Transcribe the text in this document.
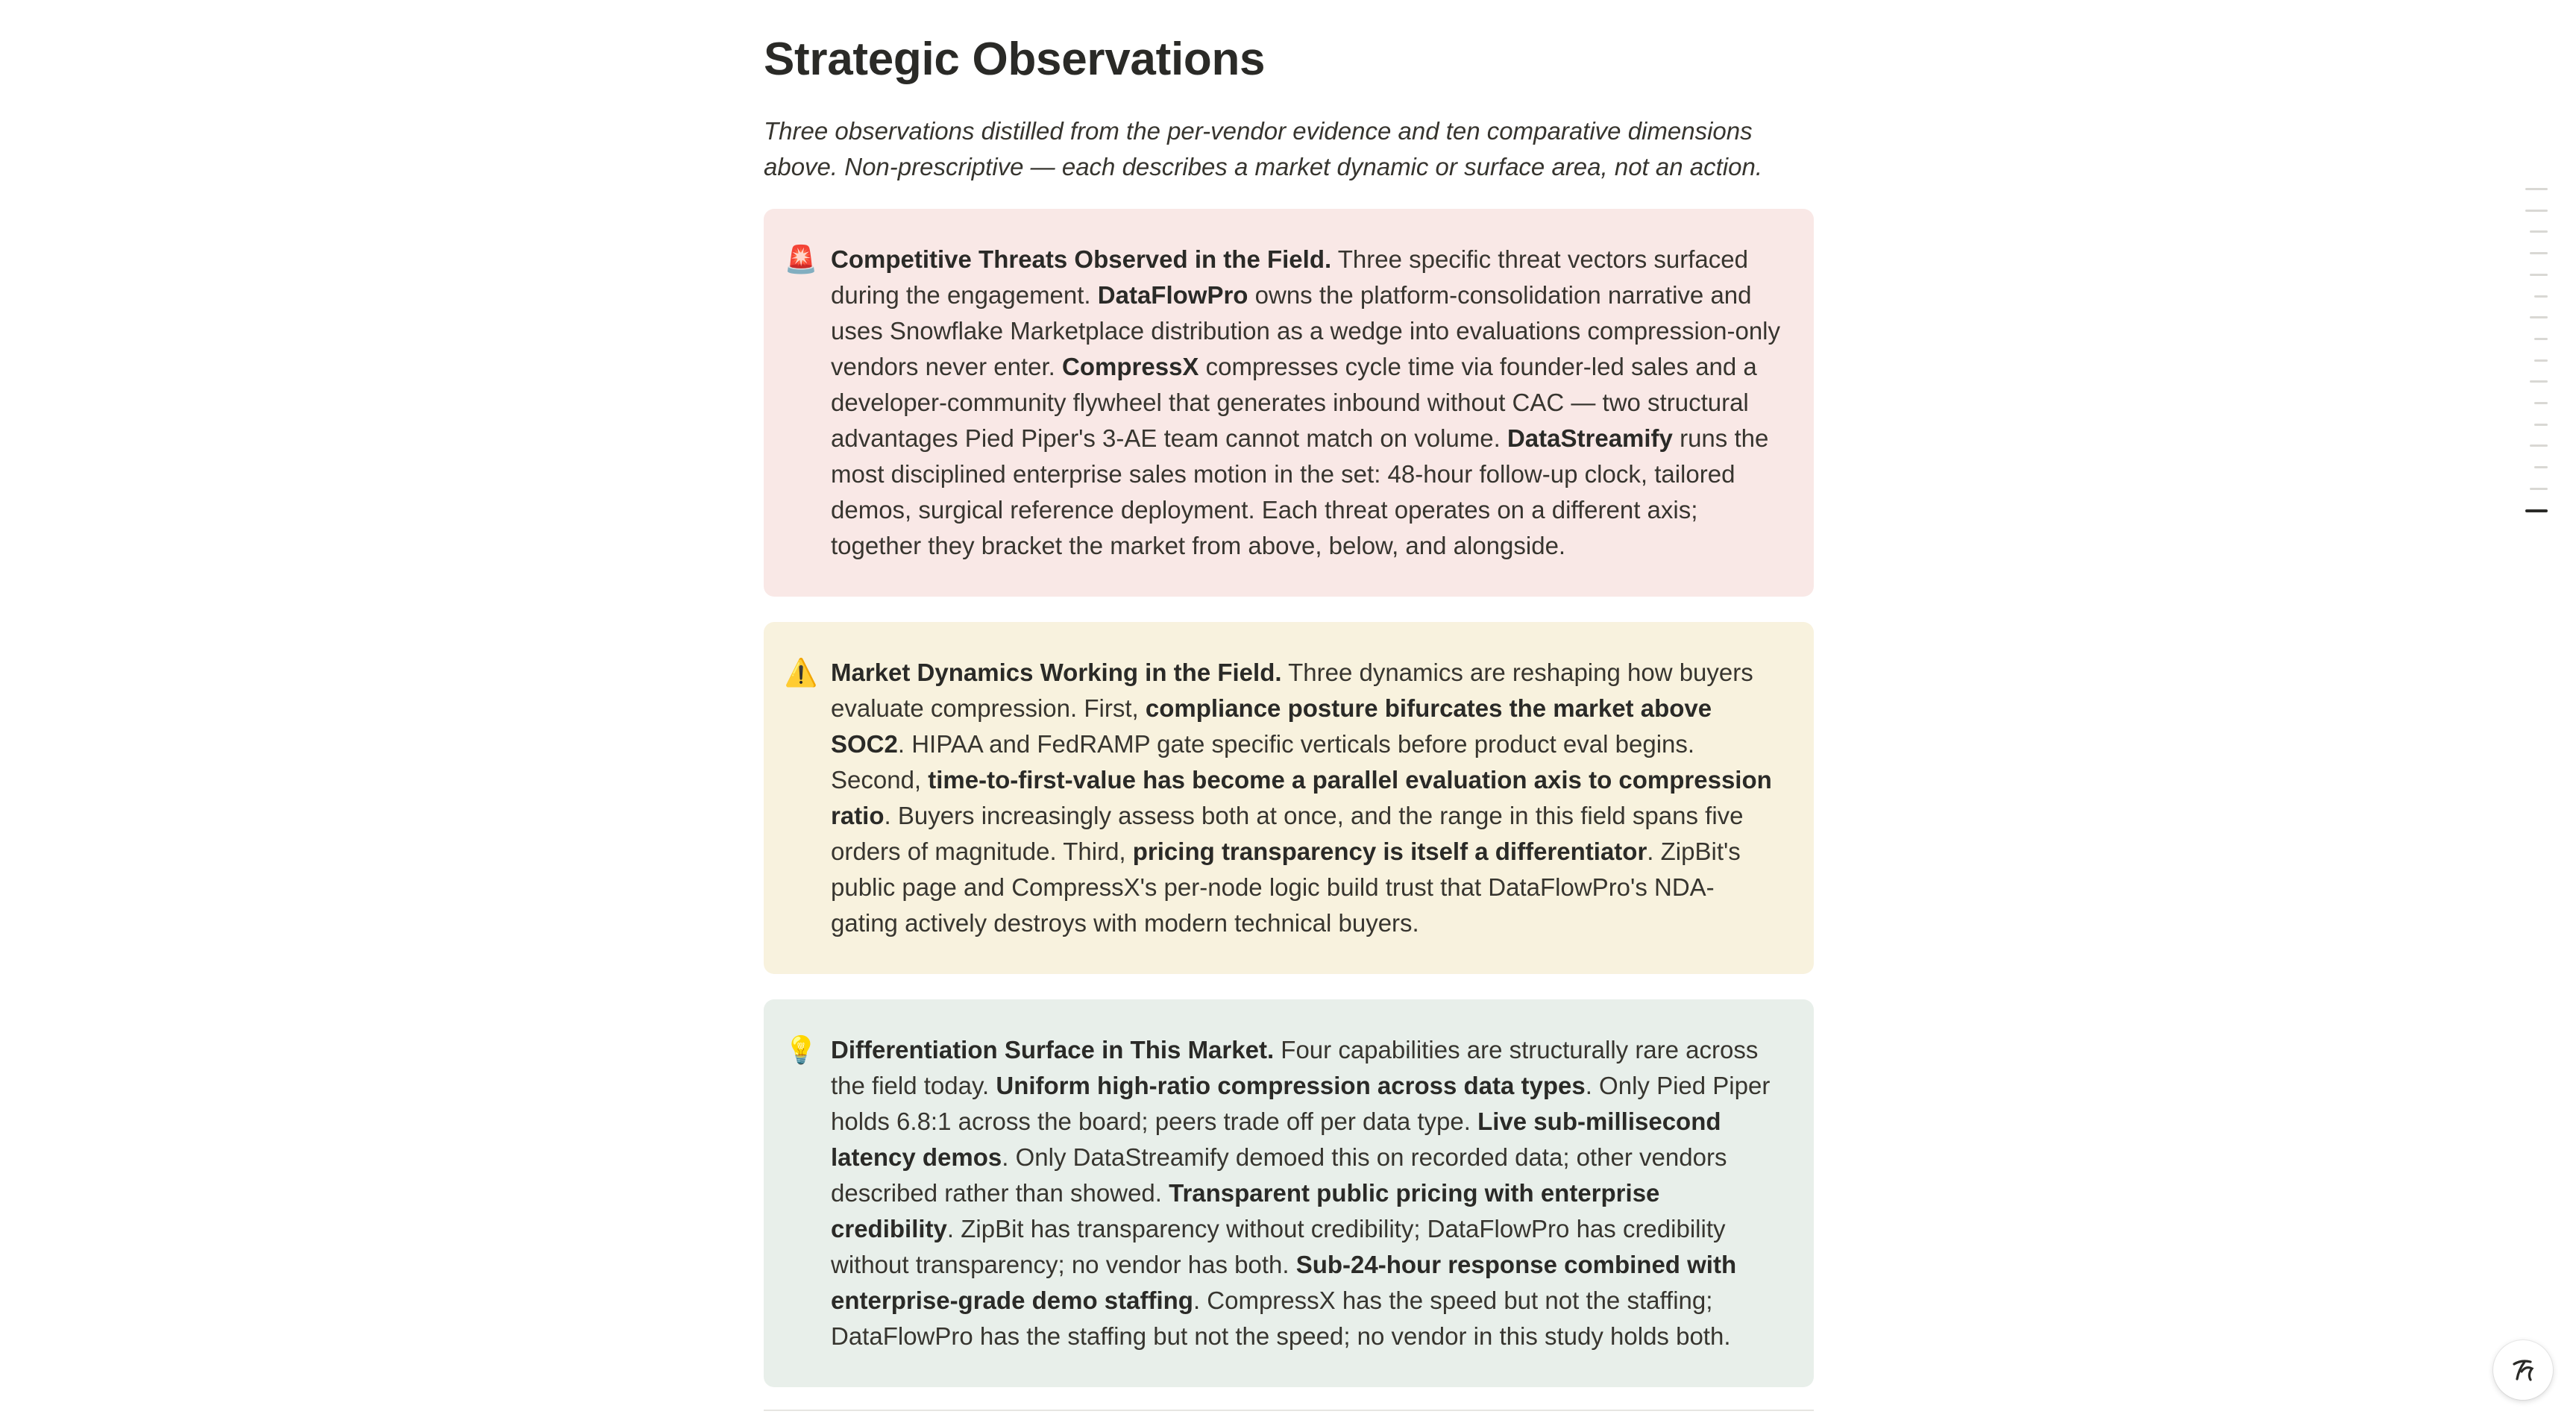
Strategic Observations

Three observations distilled from the per-vendor evidence and ten comparative dimensions above. Non-prescriptive — each describes a market dynamic or surface area, not an action.

🚨 Competitive Threats Observed in the Field. Three specific threat vectors surfaced during the engagement. DataFlowPro owns the platform-consolidation narrative and uses Snowflake Marketplace distribution as a wedge into evaluations compression-only vendors never enter. CompressX compresses cycle time via founder-led sales and a developer-community flywheel that generates inbound without CAC — two structural advantages Pied Piper's 3-AE team cannot match on volume. DataStreamify runs the most disciplined enterprise sales motion in the set: 48-hour follow-up clock, tailored demos, surgical reference deployment. Each threat operates on a different axis; together they bracket the market from above, below, and alongside.

⚠️ Market Dynamics Working in the Field. Three dynamics are reshaping how buyers evaluate compression. First, compliance posture bifurcates the market above SOC2. HIPAA and FedRAMP gate specific verticals before product eval begins. Second, time-to-first-value has become a parallel evaluation axis to compression ratio. Buyers increasingly assess both at once, and the range in this field spans five orders of magnitude. Third, pricing transparency is itself a differentiator. ZipBit's public page and CompressX's per-node logic build trust that DataFlowPro's NDA-gating actively destroys with modern technical buyers.

💡 Differentiation Surface in This Market. Four capabilities are structurally rare across the field today. Uniform high-ratio compression across data types. Only Pied Piper holds 6.8:1 across the board; peers trade off per data type. Live sub-millisecond latency demos. Only DataStreamify demoed this on recorded data; other vendors described rather than showed. Transparent public pricing with enterprise credibility. ZipBit has transparency without credibility; DataFlowPro has credibility without transparency; no vendor has both. Sub-24-hour response combined with enterprise-grade demo staffing. CompressX has the speed but not the staffing; DataFlowPro has the staffing but not the speed; no vendor in this study holds both.
